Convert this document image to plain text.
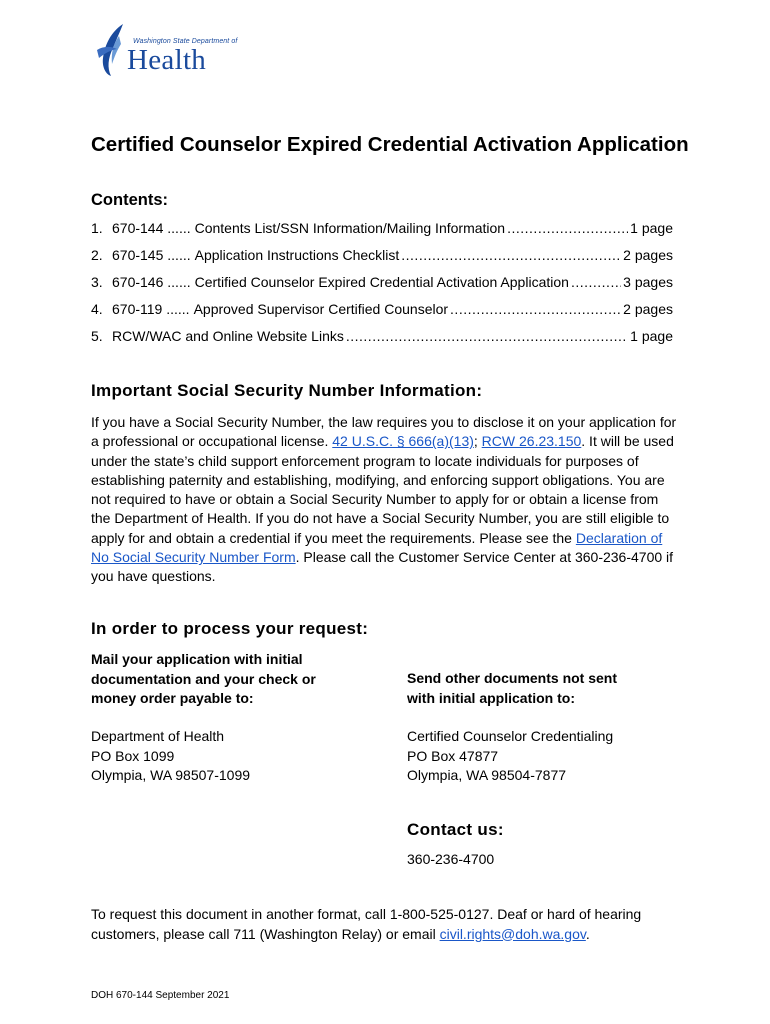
Washington State Department of
Health
Certified Counselor Expired Credential Activation Application
Contents:
1. 670-144 ...... Contents List/SSN Information/Mailing Information .....	1 page
2. 670-145 ...... Application Instructions Checklist .....	2 pages
3. 670-146 ...... Certified Counselor Expired Credential Activation Application .....	3 pages
4. 670-119 ...... Approved Supervisor Certified Counselor .....	2 pages
5. RCW/WAC and Online Website Links .....	1 page
Important Social Security Number Information:

If you have a Social Security Number, the law requires you to disclose it on your application for a professional or occupational license. 42 U.S.C. § 666(a)(13); RCW 26.23.150. It will be used under the state’s child support enforcement program to locate individuals for purposes of establishing paternity and establishing, modifying, and enforcing support obligations. You are not required to have or obtain a Social Security Number to apply for or obtain a license from the Department of Health. If you do not have a Social Security Number, you are still eligible to apply for and obtain a credential if you meet the requirements. Please see the Declaration of No Social Security Number Form. Please call the Customer Service Center at 360-236-4700 if you have questions.

In order to process your request:
Mail your application with initial documentation and your check or money order payable to:
Send other documents not sent with initial application to:
Department of Health
PO Box 1099
Olympia, WA 98507-1099
Certified Counselor Credentialing
PO Box 47877
Olympia, WA 98504-7877
Contact us:
360-236-4700

To request this document in another format, call 1-800-525-0127. Deaf or hard of hearing customers, please call 711 (Washington Relay) or email civil.rights@doh.wa.gov.

DOH 670-144 September 2021
